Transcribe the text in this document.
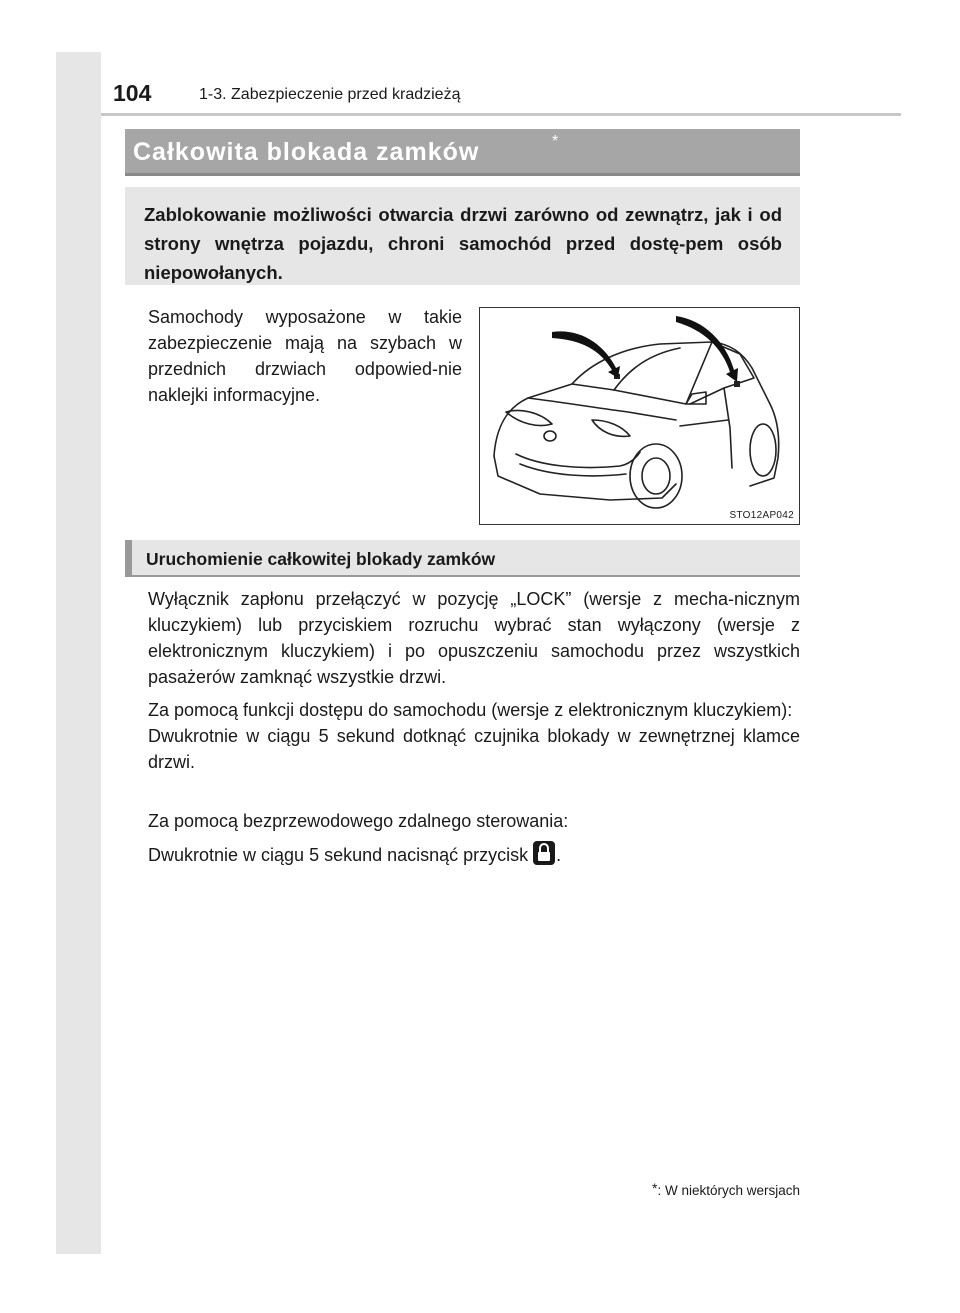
104	1-3. Zabezpieczenie przed kradzieżą
Całkowita blokada zamków	*
Zablokowanie możliwości otwarcia drzwi zarówno od zewnątrz, jak i od strony wnętrza pojazdu, chroni samochód przed dostę-pem osób niepowołanych.
Samochody wyposażone w takie zabezpieczenie mają na szybach w przednich drzwiach odpowied-nie naklejki informacyjne.
STO12AP042
Uruchomienie całkowitej blokady zamków
Wyłącznik zapłonu przełączyć w pozycję „LOCK” (wersje z mecha-nicznym kluczykiem) lub przyciskiem rozruchu wybrać stan wyłączony (wersje z elektronicznym kluczykiem) i po opuszczeniu samochodu przez wszystkich pasażerów zamknąć wszystkie drzwi.
Za pomocą funkcji dostępu do samochodu (wersje z elektronicznym kluczykiem):
Dwukrotnie w ciągu 5 sekund dotknąć czujnika blokady w zewnętrznej klamce drzwi.
Za pomocą bezprzewodowego zdalnego sterowania:
Dwukrotnie w ciągu 5 sekund nacisnąć przycisk .
*: W niektórych wersjach
